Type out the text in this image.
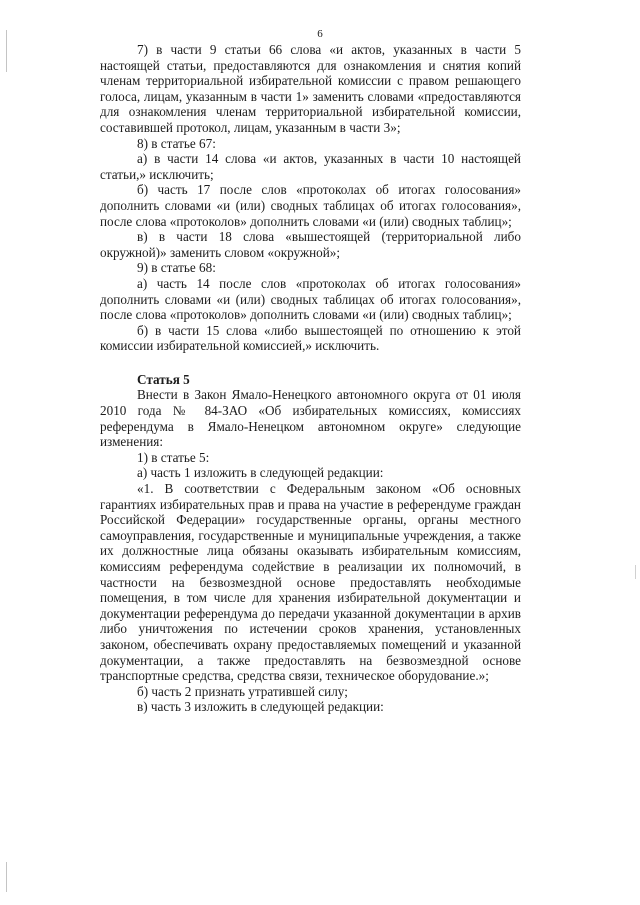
6

7) в части 9 статьи 66 слова «и актов, указанных в части 5 настоящей статьи, предоставляются для ознакомления и снятия копий членам территориальной избирательной комиссии с правом решающего голоса, лицам, указанным в части 1» заменить словами «предоставляются для ознакомления членам территориальной избирательной комиссии, составившей протокол, лицам, указанным в части 3»;

8) в статье 67:

а) в части 14 слова «и актов, указанных в части 10 настоящей статьи,» исключить;

б) часть 17 после слов «протоколах об итогах голосования» дополнить словами «и (или) сводных таблицах об итогах голосования», после слова «протоколов» дополнить словами «и (или) сводных таблиц»;

в) в части 18 слова «вышестоящей (территориальной либо окружной)» заменить словом «окружной»;

9) в статье 68:

а) часть 14 после слов «протоколах об итогах голосования» дополнить словами «и (или) сводных таблицах об итогах голосования», после слова «протоколов» дополнить словами «и (или) сводных таблиц»;

б) в части 15 слова «либо вышестоящей по отношению к этой комиссии избирательной комиссией,» исключить.

Статья 5

Внести в Закон Ямало-Ненецкого автономного округа от 01 июля 2010 года № 84-ЗАО «Об избирательных комиссиях, комиссиях референдума в Ямало-Ненецком автономном округе» следующие изменения:

1) в статье 5:

а) часть 1 изложить в следующей редакции:

«1. В соответствии с Федеральным законом «Об основных гарантиях избирательных прав и права на участие в референдуме граждан Российской Федерации» государственные органы, органы местного самоуправления, государственные и муниципальные учреждения, а также их должностные лица обязаны оказывать избирательным комиссиям, комиссиям референдума содействие в реализации их полномочий, в частности на безвозмездной основе предоставлять необходимые помещения, в том числе для хранения избирательной документации и документации референдума до передачи указанной документации в архив либо уничтожения по истечении сроков хранения, установленных законом, обеспечивать охрану предоставляемых помещений и указанной документации, а также предоставлять на безвозмездной основе транспортные средства, средства связи, техническое оборудование.»;

б) часть 2 признать утратившей силу;

в) часть 3 изложить в следующей редакции:
